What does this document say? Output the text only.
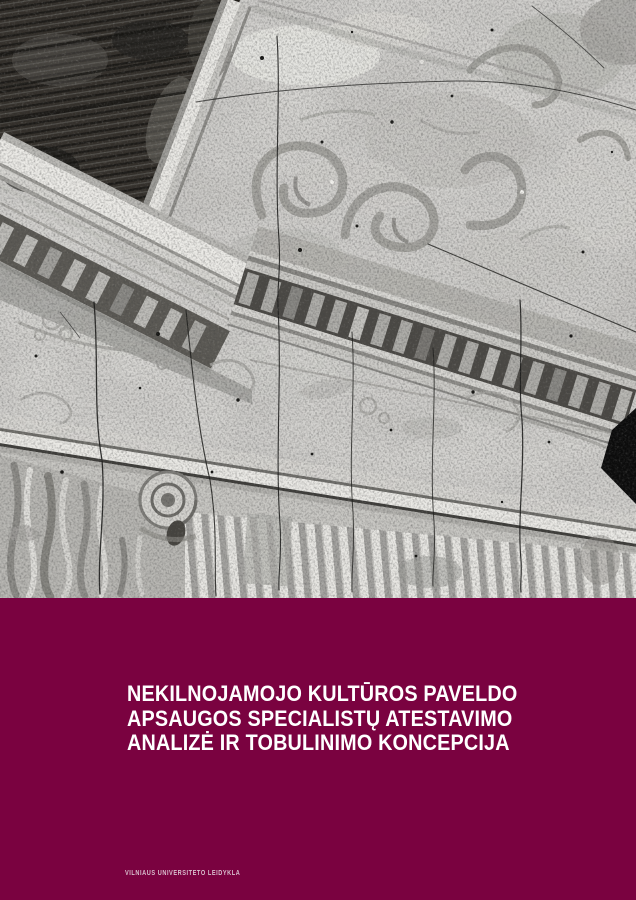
NEKILNOJAMOJO KULTŪROS PAVELDO
APSAUGOS SPECIALISTŲ ATESTAVIMO
ANALIZĖ IR TOBULINIMO KONCEPCIJA
VILNIAUS UNIVERSITETO LEIDYKLA
